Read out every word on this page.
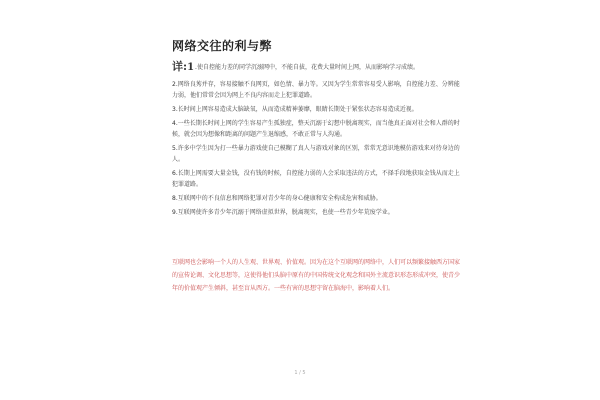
网络交往的利与弊
详:1.使自控能力差的同学沉溺网中，不能自拔，花费大量时间上网，从而影响学习成绩。

2.网络良莠并存，容易接触不良网页，如色情、暴力等。又因为学生常常容易受人影响，自控能力差、分辨能力弱，他们常常会因为网上不良内容而走上犯罪道路。

3.长时间上网容易造成大脑缺氧，从而造成精神萎靡，眼睛长期处于紧张状态容易造成近视。

4.一些长期长时间上网的学生容易产生孤独症，整天沉溺于幻想中脱离现实，而当他真正面对社会和人群的时候，就会因为想像和距离的问题产生退缩感，不敢正常与人沟通。

5.许多中学生因为打一些暴力游戏使自己模糊了真人与游戏对象的区别，常常无意识地模仿游戏来对待身边的人。

6.长期上网需要大量金钱，没有钱的时候，自控能力弱的人会采取违法的方式，不择手段地获取金钱从而走上犯罪道路。

8.互联网中的不良信息和网络犯罪对青少年的身心健康和安全构成危害和威胁。

9.互联网使许多青少年沉溺于网络虚拟世界，脱离现实，也使一些青少年荒废学业。

互联网也会影响一个人的人生观、世界观、价值观。因为在这个互联网的网络中，人们可以频繁接触西方国家的宣传论调、文化思想等，这使得他们头脑中原有的中国传统文化观念和国外主流意识形态形成冲突，使青少年的价值观产生倾斜，甚至盲从西方。一些有害的思想守留在脑海中，影响着人们。
1 / 5
